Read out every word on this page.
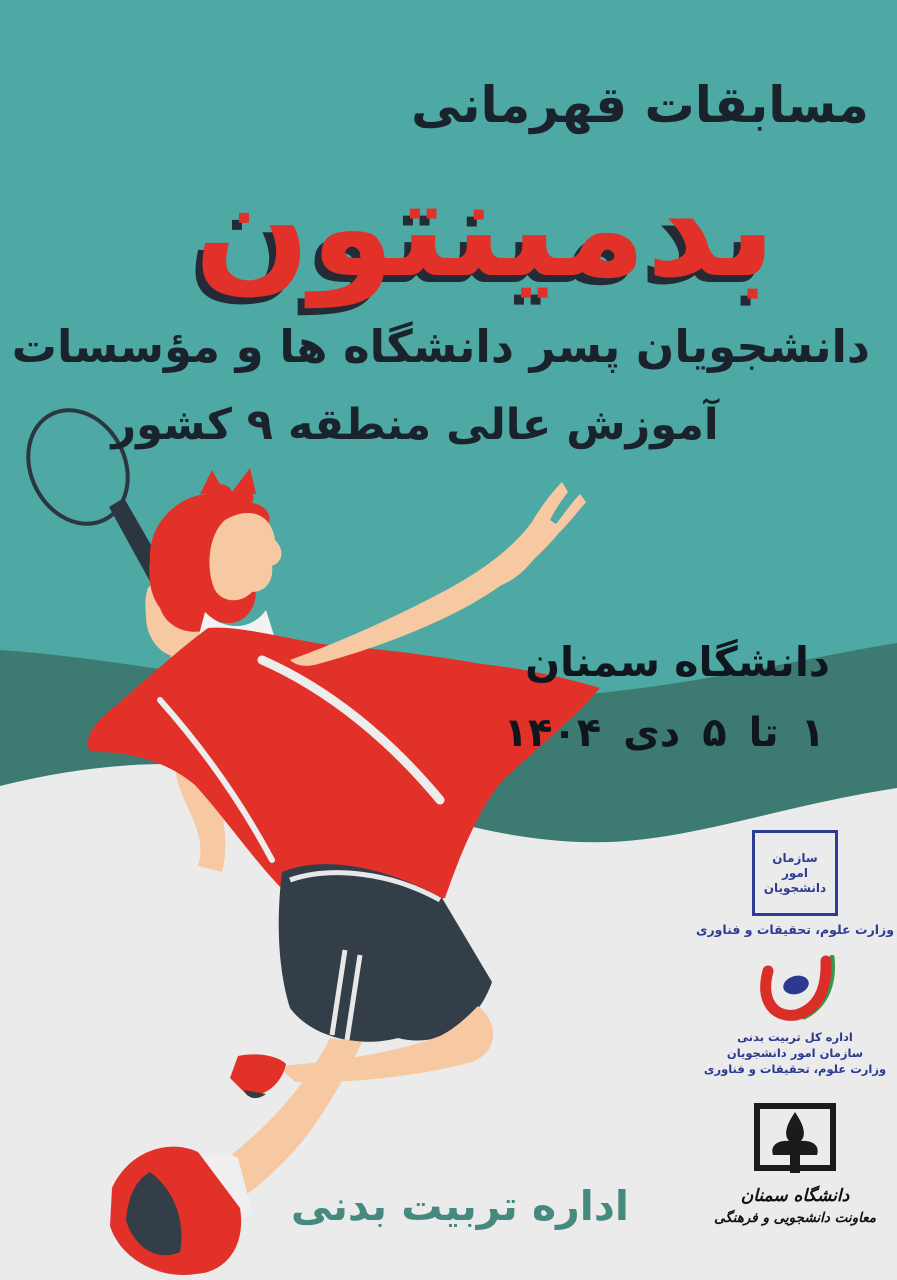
مسابقات قهرمانی
بدمینتون
دانشجویان پسر دانشگاه ها و مؤسسات
آموزش عالی منطقه ۹ کشور
دانشگاه سمنان
۱ تا ۵ دی ۱۴۰۴
اداره تربیت بدنی
سازمان امور دانشجویان
وزارت علوم، تحقیقات و فناوری
اداره کل تربیت بدنی
سازمان امور دانشجویان
وزارت علوم، تحقیقات و فناوری
دانشگاه سمنان
معاونت دانشجویی و فرهنگی
